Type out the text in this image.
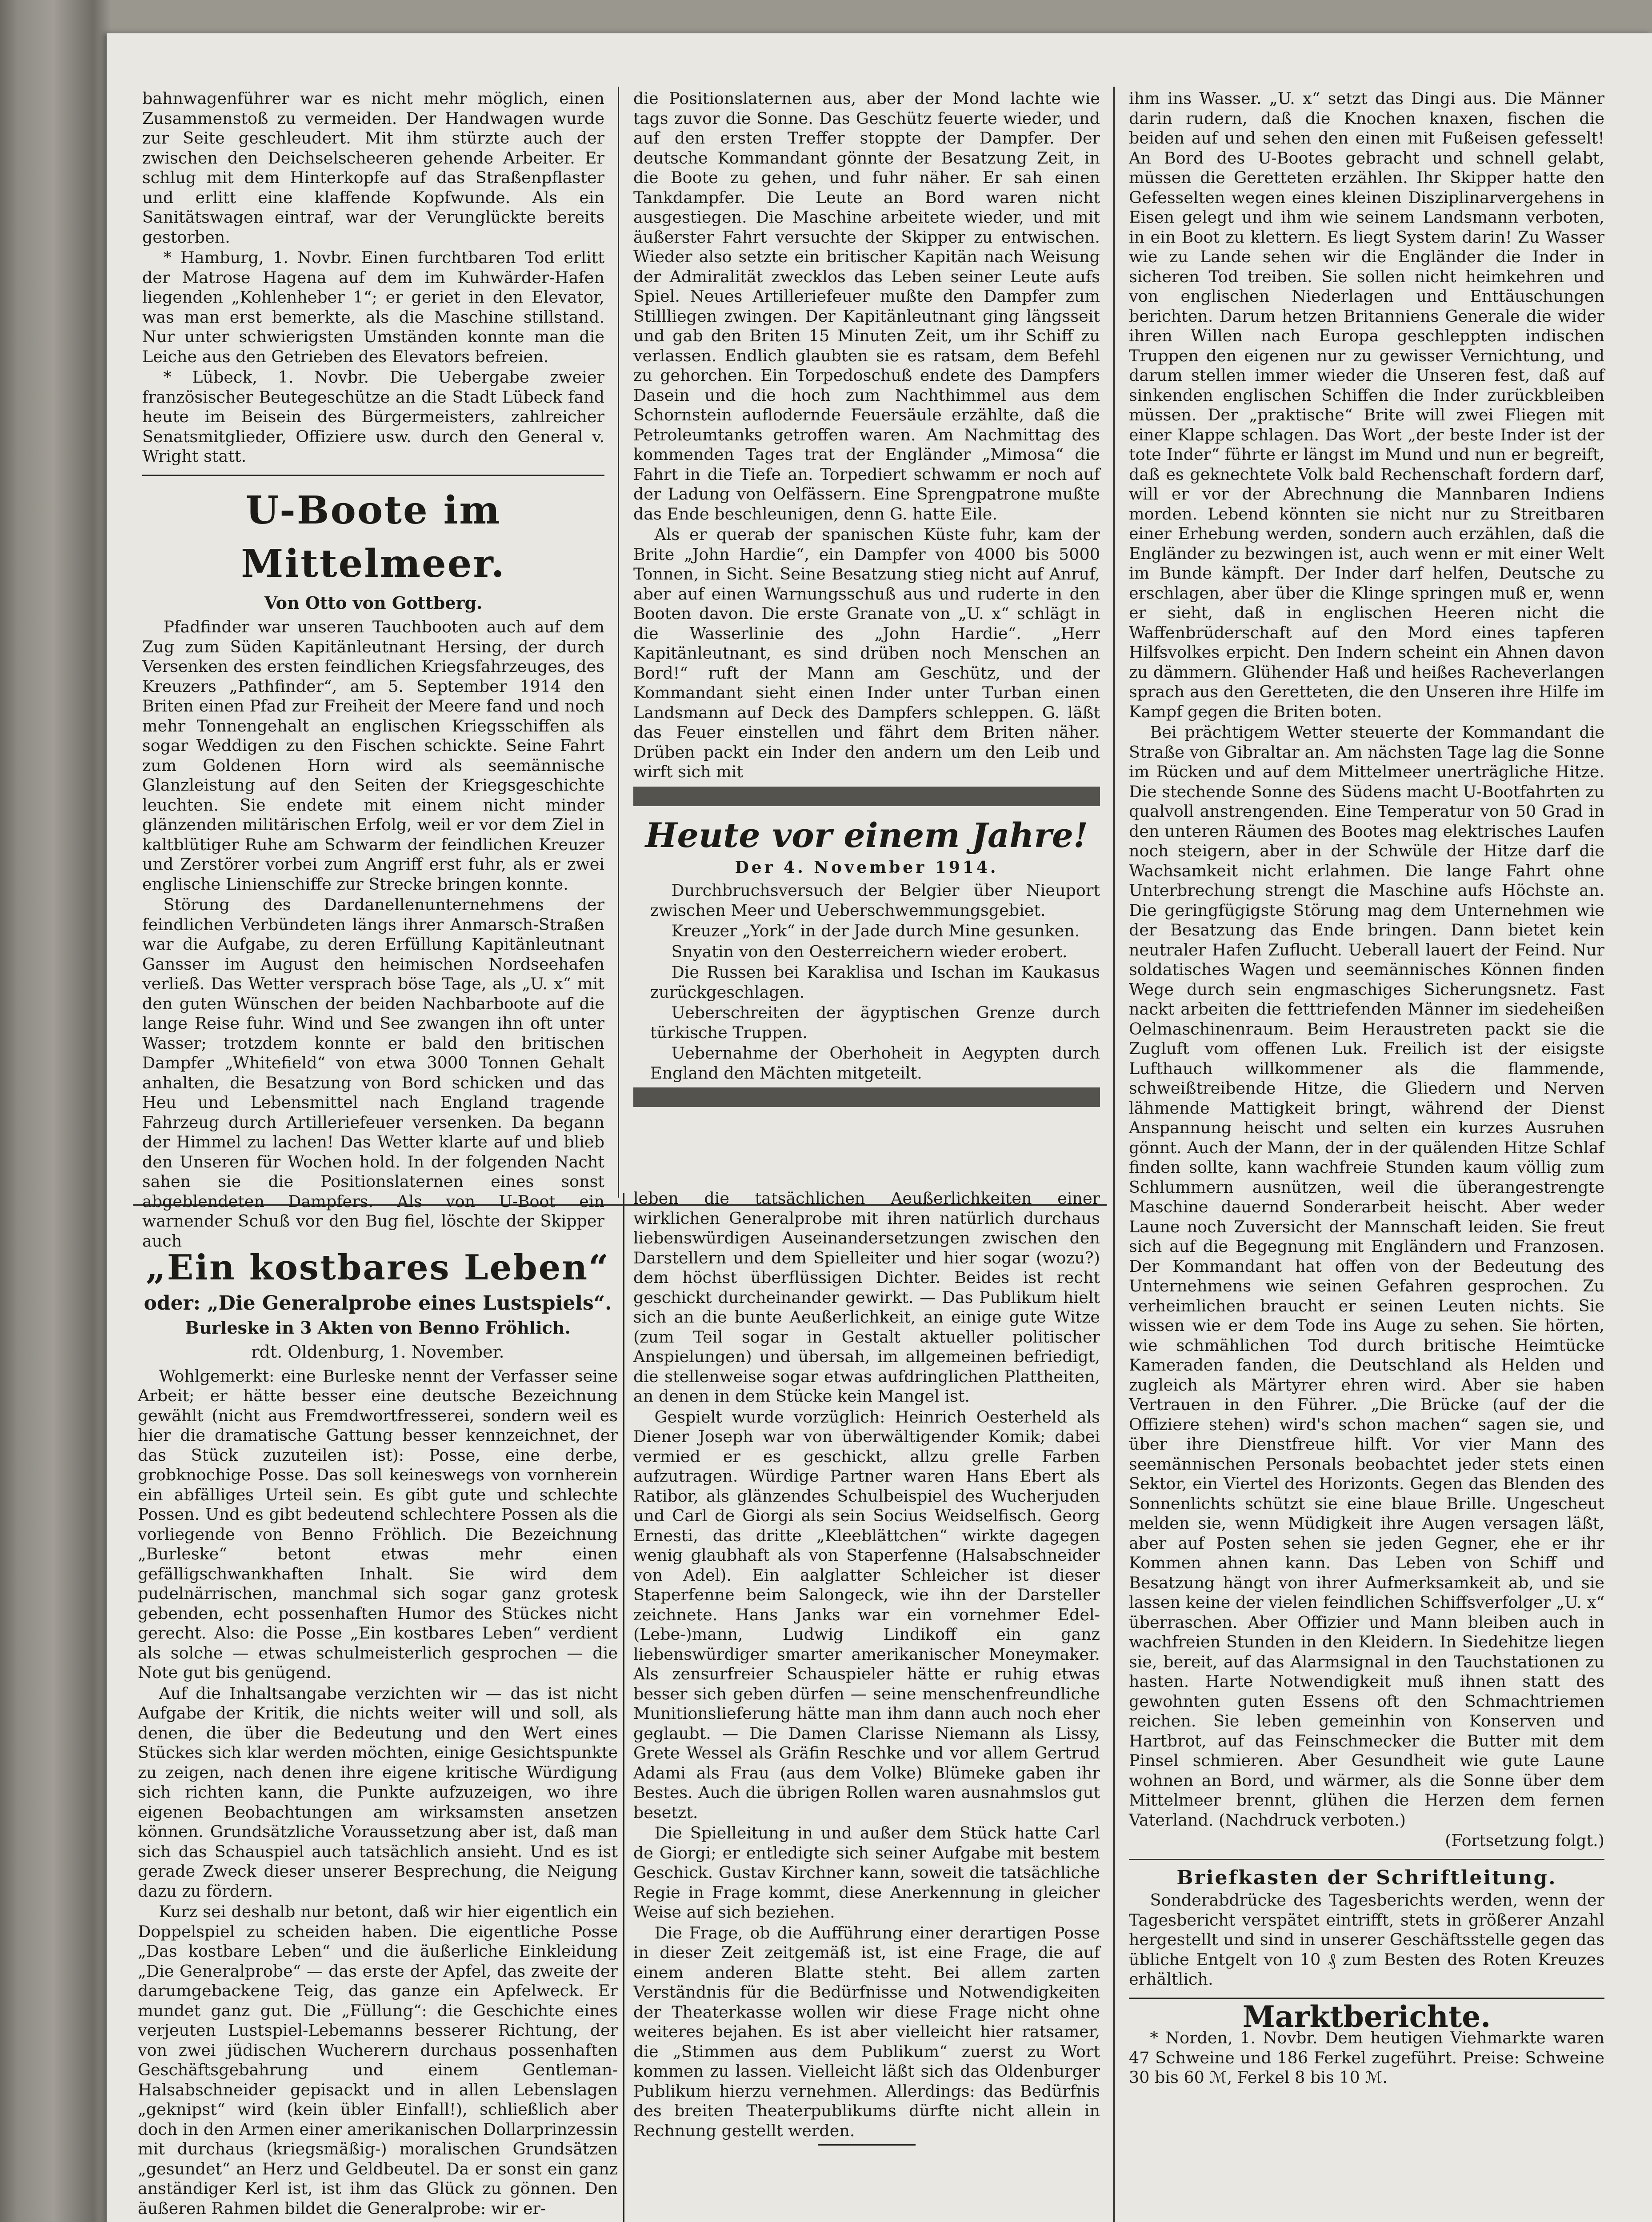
bahnwagenführer war es nicht mehr möglich, einen Zusammenstoß zu vermeiden. Der Handwagen wurde zur Seite geschleudert. Mit ihm stürzte auch der zwischen den Deichselscheeren gehende Arbeiter. Er schlug mit dem Hinterkopfe auf das Straßenpflaster und erlitt eine klaffende Kopfwunde. Als ein Sanitätswagen eintraf, war der Verunglückte bereits gestorben.

* Hamburg, 1. Novbr. Einen furchtbaren Tod erlitt der Matrose Hagena auf dem im Kuhwärder-Hafen liegenden „Kohlenheber 1“; er geriet in den Elevator, was man erst bemerkte, als die Maschine stillstand. Nur unter schwierigsten Umständen konnte man die Leiche aus den Getrieben des Elevators befreien.

* Lübeck, 1. Novbr. Die Uebergabe zweier französischer Beutegeschütze an die Stadt Lübeck fand heute im Beisein des Bürgermeisters, zahlreicher Senatsmitglieder, Offiziere usw. durch den General v. Wright statt.

U-Boote im Mittelmeer.
Von Otto von Gottberg.

Pfadfinder war unseren Tauchbooten auch auf dem Zug zum Süden Kapitänleutnant Hersing, der durch Versenken des ersten feindlichen Kriegsfahrzeuges, des Kreuzers „Pathfinder“, am 5. September 1914 den Briten einen Pfad zur Freiheit der Meere fand und noch mehr Tonnengehalt an englischen Kriegsschiffen als sogar Weddigen zu den Fischen schickte. Seine Fahrt zum Goldenen Horn wird als seemännische Glanzleistung auf den Seiten der Kriegsgeschichte leuchten. Sie endete mit einem nicht minder glänzenden militärischen Erfolg, weil er vor dem Ziel in kaltblütiger Ruhe am Schwarm der feindlichen Kreuzer und Zerstörer vorbei zum Angriff erst fuhr, als er zwei englische Linienschiffe zur Strecke bringen konnte.

Störung des Dardanellenunternehmens der feindlichen Verbündeten längs ihrer Anmarsch-Straßen war die Aufgabe, zu deren Erfüllung Kapitänleutnant Gansser im August den heimischen Nordseehafen verließ. Das Wetter versprach böse Tage, als „U. x“ mit den guten Wünschen der beiden Nachbarboote auf die lange Reise fuhr. Wind und See zwangen ihn oft unter Wasser; trotzdem konnte er bald den britischen Dampfer „Whitefield“ von etwa 3000 Tonnen Gehalt anhalten, die Besatzung von Bord schicken und das Heu und Lebensmittel nach England tragende Fahrzeug durch Artilleriefeuer versenken. Da begann der Himmel zu lachen! Das Wetter klarte auf und blieb den Unseren für Wochen hold. In der folgenden Nacht sahen sie die Positionslaternen eines sonst abgeblendeten Dampfers. Als von U-Boot ein warnender Schuß vor den Bug fiel, löschte der Skipper auch

die Positionslaternen aus, aber der Mond lachte wie tags zuvor die Sonne. Das Geschütz feuerte wieder, und auf den ersten Treffer stoppte der Dampfer. Der deutsche Kommandant gönnte der Besatzung Zeit, in die Boote zu gehen, und fuhr näher. Er sah einen Tankdampfer. Die Leute an Bord waren nicht ausgestiegen. Die Maschine arbeitete wieder, und mit äußerster Fahrt versuchte der Skipper zu entwischen. Wieder also setzte ein britischer Kapitän nach Weisung der Admiralität zwecklos das Leben seiner Leute aufs Spiel. Neues Artilleriefeuer mußte den Dampfer zum Stillliegen zwingen. Der Kapitänleutnant ging längsseit und gab den Briten 15 Minuten Zeit, um ihr Schiff zu verlassen. Endlich glaubten sie es ratsam, dem Befehl zu gehorchen. Ein Torpedoschuß endete des Dampfers Dasein und die hoch zum Nachthimmel aus dem Schornstein auflodernde Feuersäule erzählte, daß die Petroleumtanks getroffen waren. Am Nachmittag des kommenden Tages trat der Engländer „Mimosa“ die Fahrt in die Tiefe an. Torpediert schwamm er noch auf der Ladung von Oelfässern. Eine Sprengpatrone mußte das Ende beschleunigen, denn G. hatte Eile.

Als er querab der spanischen Küste fuhr, kam der Brite „John Hardie“, ein Dampfer von 4000 bis 5000 Tonnen, in Sicht. Seine Besatzung stieg nicht auf Anruf, aber auf einen Warnungsschuß aus und ruderte in den Booten davon. Die erste Granate von „U. x“ schlägt in die Wasserlinie des „John Hardie“. „Herr Kapitänleutnant, es sind drüben noch Menschen an Bord!“ ruft der Mann am Geschütz, und der Kommandant sieht einen Inder unter Turban einen Landsmann auf Deck des Dampfers schleppen. G. läßt das Feuer einstellen und fährt dem Briten näher. Drüben packt ein Inder den andern um den Leib und wirft sich mit

Heute vor einem Jahre!
Der 4. November 1914.

Durchbruchsversuch der Belgier über Nieuport zwischen Meer und Ueberschwemmungsgebiet.

Kreuzer „York“ in der Jade durch Mine gesunken.

Snyatin von den Oesterreichern wieder erobert.

Die Russen bei Karaklisa und Ischan im Kaukasus zurückgeschlagen.

Ueberschreiten der ägyptischen Grenze durch türkische Truppen.

Uebernahme der Oberhoheit in Aegypten durch England den Mächten mitgeteilt.

ihm ins Wasser. „U. x“ setzt das Dingi aus. Die Männer darin rudern, daß die Knochen knaxen, fischen die beiden auf und sehen den einen mit Fußeisen gefesselt! An Bord des U-Bootes gebracht und schnell gelabt, müssen die Geretteten erzählen. Ihr Skipper hatte den Gefesselten wegen eines kleinen Disziplinarvergehens in Eisen gelegt und ihm wie seinem Landsmann verboten, in ein Boot zu klettern. Es liegt System darin! Zu Wasser wie zu Lande sehen wir die Engländer die Inder in sicheren Tod treiben. Sie sollen nicht heimkehren und von englischen Niederlagen und Enttäuschungen berichten. Darum hetzen Britanniens Generale die wider ihren Willen nach Europa geschleppten indischen Truppen den eigenen nur zu gewisser Vernichtung, und darum stellen immer wieder die Unseren fest, daß auf sinkenden englischen Schiffen die Inder zurückbleiben müssen. Der „praktische“ Brite will zwei Fliegen mit einer Klappe schlagen. Das Wort „der beste Inder ist der tote Inder“ führte er längst im Mund und nun er begreift, daß es geknechtete Volk bald Rechenschaft fordern darf, will er vor der Abrechnung die Mannbaren Indiens morden. Lebend könnten sie nicht nur zu Streitbaren einer Erhebung werden, sondern auch erzählen, daß die Engländer zu bezwingen ist, auch wenn er mit einer Welt im Bunde kämpft. Der Inder darf helfen, Deutsche zu erschlagen, aber über die Klinge springen muß er, wenn er sieht, daß in englischen Heeren nicht die Waffenbrüderschaft auf den Mord eines tapferen Hilfsvolkes erpicht. Den Indern scheint ein Ahnen davon zu dämmern. Glühender Haß und heißes Racheverlangen sprach aus den Geretteten, die den Unseren ihre Hilfe im Kampf gegen die Briten boten.

Bei prächtigem Wetter steuerte der Kommandant die Straße von Gibraltar an. Am nächsten Tage lag die Sonne im Rücken und auf dem Mittelmeer unerträgliche Hitze. Die stechende Sonne des Südens macht U-Bootfahrten zu qualvoll anstrengenden. Eine Temperatur von 50 Grad in den unteren Räumen des Bootes mag elektrisches Laufen noch steigern, aber in der Schwüle der Hitze darf die Wachsamkeit nicht erlahmen. Die lange Fahrt ohne Unterbrechung strengt die Maschine aufs Höchste an. Die geringfügigste Störung mag dem Unternehmen wie der Besatzung das Ende bringen. Dann bietet kein neutraler Hafen Zuflucht. Ueberall lauert der Feind. Nur soldatisches Wagen und seemännisches Können finden Wege durch sein engmaschiges Sicherungsnetz. Fast nackt arbeiten die fetttriefenden Männer im siedeheißen Oelmaschinenraum. Beim Heraustreten packt sie die Zugluft vom offenen Luk. Freilich ist der eisigste Lufthauch willkommener als die flammende, schweißtreibende Hitze, die Gliedern und Nerven lähmende Mattigkeit bringt, während der Dienst Anspannung heischt und selten ein kurzes Ausruhen gönnt. Auch der Mann, der in der quälenden Hitze Schlaf finden sollte, kann wachfreie Stunden kaum völlig zum Schlummern ausnützen, weil die überangestrengte Maschine dauernd Sonderarbeit heischt. Aber weder Laune noch Zuversicht der Mannschaft leiden. Sie freut sich auf die Begegnung mit Engländern und Franzosen. Der Kommandant hat offen von der Bedeutung des Unternehmens wie seinen Gefahren gesprochen. Zu verheimlichen braucht er seinen Leuten nichts. Sie wissen wie er dem Tode ins Auge zu sehen. Sie hörten, wie schmählichen Tod durch britische Heimtücke Kameraden fanden, die Deutschland als Helden und zugleich als Märtyrer ehren wird. Aber sie haben Vertrauen in den Führer. „Die Brücke (auf der die Offiziere stehen) wird's schon machen“ sagen sie, und über ihre Dienstfreue hilft. Vor vier Mann des seemännischen Personals beobachtet jeder stets einen Sektor, ein Viertel des Horizonts. Gegen das Blenden des Sonnenlichts schützt sie eine blaue Brille. Ungescheut melden sie, wenn Müdigkeit ihre Augen versagen läßt, aber auf Posten sehen sie jeden Gegner, ehe er ihr Kommen ahnen kann. Das Leben von Schiff und Besatzung hängt von ihrer Aufmerksamkeit ab, und sie lassen keine der vielen feindlichen Schiffsverfolger „U. x“ überraschen. Aber Offizier und Mann bleiben auch in wachfreien Stunden in den Kleidern. In Siedehitze liegen sie, bereit, auf das Alarmsignal in den Tauchstationen zu hasten. Harte Notwendigkeit muß ihnen statt des gewohnten guten Essens oft den Schmachtriemen reichen. Sie leben gemeinhin von Konserven und Hartbrot, auf das Feinschmecker die Butter mit dem Pinsel schmieren. Aber Gesundheit wie gute Laune wohnen an Bord, und wärmer, als die Sonne über dem Mittelmeer brennt, glühen die Herzen dem fernen Vaterland. (Nachdruck verboten.)

(Fortsetzung folgt.)

Briefkasten der Schriftleitung.

Sonderabdrücke des Tagesberichts werden, wenn der Tagesbericht verspätet eintrifft, stets in größerer Anzahl hergestellt und sind in unserer Geschäftsstelle gegen das übliche Entgelt von 10 ₰ zum Besten des Roten Kreuzes erhältlich.

Marktberichte.

* Norden, 1. Novbr. Dem heutigen Viehmarkte waren 47 Schweine und 186 Ferkel zugeführt. Preise: Schweine 30 bis 60 ℳ, Ferkel 8 bis 10 ℳ.

„Ein kostbares Leben“
oder: „Die Generalprobe eines Lustspiels“.
Burleske in 3 Akten von Benno Fröhlich.
rdt. Oldenburg, 1. November.

Wohlgemerkt: eine Burleske nennt der Verfasser seine Arbeit; er hätte besser eine deutsche Bezeichnung gewählt (nicht aus Fremdwortfresserei, sondern weil es hier die dramatische Gattung besser kennzeichnet, der das Stück zuzuteilen ist): Posse, eine derbe, grobknochige Posse. Das soll keineswegs von vornherein ein abfälliges Urteil sein. Es gibt gute und schlechte Possen. Und es gibt bedeutend schlechtere Possen als die vorliegende von Benno Fröhlich. Die Bezeichnung „Burleske“ betont etwas mehr einen gefälligschwankhaften Inhalt. Sie wird dem pudelnärrischen, manchmal sich sogar ganz grotesk gebenden, echt possenhaften Humor des Stückes nicht gerecht. Also: die Posse „Ein kostbares Leben“ verdient als solche — etwas schulmeisterlich gesprochen — die Note gut bis genügend.

Auf die Inhaltsangabe verzichten wir — das ist nicht Aufgabe der Kritik, die nichts weiter will und soll, als denen, die über die Bedeutung und den Wert eines Stückes sich klar werden möchten, einige Gesichtspunkte zu zeigen, nach denen ihre eigene kritische Würdigung sich richten kann, die Punkte aufzuzeigen, wo ihre eigenen Beobachtungen am wirksamsten ansetzen können. Grundsätzliche Voraussetzung aber ist, daß man sich das Schauspiel auch tatsächlich ansieht. Und es ist gerade Zweck dieser unserer Besprechung, die Neigung dazu zu fördern.

Kurz sei deshalb nur betont, daß wir hier eigentlich ein Doppelspiel zu scheiden haben. Die eigentliche Posse „Das kostbare Leben“ und die äußerliche Einkleidung „Die Generalprobe“ — das erste der Apfel, das zweite der darumgebackene Teig, das ganze ein Apfelweck. Er mundet ganz gut. Die „Füllung“: die Geschichte eines verjeuten Lustspiel-Lebemanns besserer Richtung, der von zwei jüdischen Wucherern durchaus possenhaften Geschäftsgebahrung und einem Gentleman-Halsabschneider gepisackt und in allen Lebenslagen „geknipst“ wird (kein übler Einfall!), schließlich aber doch in den Armen einer amerikanischen Dollarprinzessin mit durchaus (kriegsmäßig-) moralischen Grundsätzen „gesundet“ an Herz und Geldbeutel. Da er sonst ein ganz anständiger Kerl ist, ist ihm das Glück zu gönnen. Den äußeren Rahmen bildet die Generalprobe: wir er-

leben die tatsächlichen Aeußerlichkeiten einer wirklichen Generalprobe mit ihren natürlich durchaus liebenswürdigen Auseinandersetzungen zwischen den Darstellern und dem Spielleiter und hier sogar (wozu?) dem höchst überflüssigen Dichter. Beides ist recht geschickt durcheinander gewirkt. — Das Publikum hielt sich an die bunte Aeußerlichkeit, an einige gute Witze (zum Teil sogar in Gestalt aktueller politischer Anspielungen) und übersah, im allgemeinen befriedigt, die stellenweise sogar etwas aufdringlichen Plattheiten, an denen in dem Stücke kein Mangel ist.

Gespielt wurde vorzüglich: Heinrich Oesterheld als Diener Joseph war von überwältigender Komik; dabei vermied er es geschickt, allzu grelle Farben aufzutragen. Würdige Partner waren Hans Ebert als Ratibor, als glänzendes Schulbeispiel des Wucherjuden und Carl de Giorgi als sein Socius Weidselfisch. Georg Ernesti, das dritte „Kleeblättchen“ wirkte dagegen wenig glaubhaft als von Staperfenne (Halsabschneider von Adel). Ein aalglatter Schleicher ist dieser Staperfenne beim Salongeck, wie ihn der Darsteller zeichnete. Hans Janks war ein vornehmer Edel- (Lebe-)mann, Ludwig Lindikoff ein ganz liebenswürdiger smarter amerikanischer Moneymaker. Als zensurfreier Schauspieler hätte er ruhig etwas besser sich geben dürfen — seine menschenfreundliche Munitionslieferung hätte man ihm dann auch noch eher geglaubt. — Die Damen Clarisse Niemann als Lissy, Grete Wessel als Gräfin Reschke und vor allem Gertrud Adami als Frau (aus dem Volke) Blümeke gaben ihr Bestes. Auch die übrigen Rollen waren ausnahmslos gut besetzt.

Die Spielleitung in und außer dem Stück hatte Carl de Giorgi; er entledigte sich seiner Aufgabe mit bestem Geschick. Gustav Kirchner kann, soweit die tatsächliche Regie in Frage kommt, diese Anerkennung in gleicher Weise auf sich beziehen.

Die Frage, ob die Aufführung einer derartigen Posse in dieser Zeit zeitgemäß ist, ist eine Frage, die auf einem anderen Blatte steht. Bei allem zarten Verständnis für die Bedürfnisse und Notwendigkeiten der Theaterkasse wollen wir diese Frage nicht ohne weiteres bejahen. Es ist aber vielleicht hier ratsamer, die „Stimmen aus dem Publikum“ zuerst zu Wort kommen zu lassen. Vielleicht läßt sich das Oldenburger Publikum hierzu vernehmen. Allerdings: das Bedürfnis des breiten Theaterpublikums dürfte nicht allein in Rechnung gestellt werden.
